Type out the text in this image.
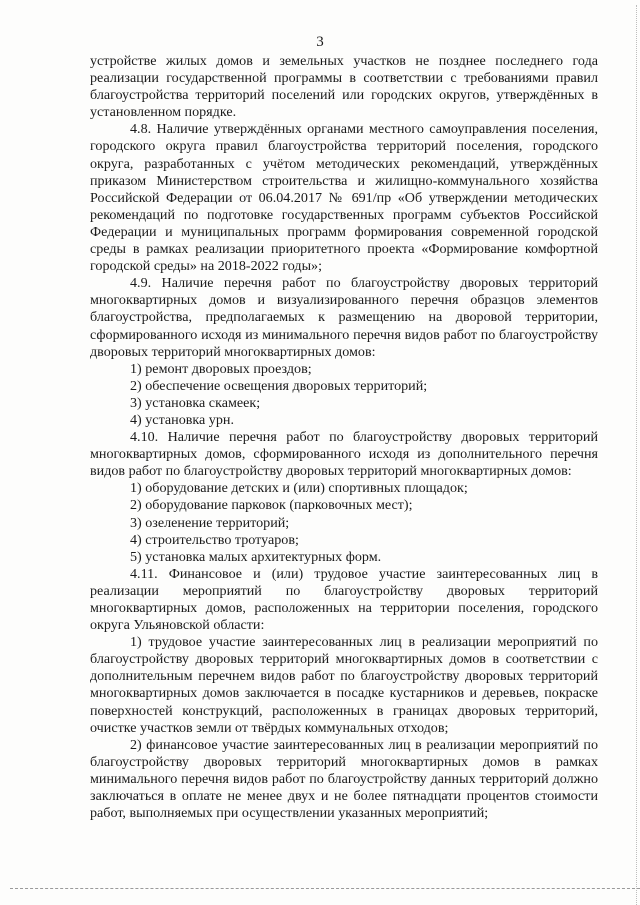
3

устройстве жилых домов и земельных участков не позднее последнего года реализации государственной программы в соответствии с требованиями правил благоустройства территорий поселений или городских округов, утверждённых в установленном порядке.

4.8. Наличие утверждённых органами местного самоуправления поселения, городского округа правил благоустройства территорий поселения, городского округа, разработанных с учётом методических рекомендаций, утверждённых приказом Министерством строительства и жилищно-коммунального хозяйства Российской Федерации от 06.04.2017 № 691/пр «Об утверждении методических рекомендаций по подготовке государственных программ субъектов Российской Федерации и муниципальных программ формирования современной городской среды в рамках реализации приоритетного проекта «Формирование комфортной городской среды» на 2018-2022 годы»;

4.9. Наличие перечня работ по благоустройству дворовых территорий многоквартирных домов и визуализированного перечня образцов элементов благоустройства, предполагаемых к размещению на дворовой территории, сформированного исходя из минимального перечня видов работ по благоустройству дворовых территорий многоквартирных домов:

1) ремонт дворовых проездов;

2) обеспечение освещения дворовых территорий;

3) установка скамеек;

4) установка урн.

4.10. Наличие перечня работ по благоустройству дворовых территорий многоквартирных домов, сформированного исходя из дополнительного перечня видов работ по благоустройству дворовых территорий многоквартирных домов:

1) оборудование детских и (или) спортивных площадок;

2) оборудование парковок (парковочных мест);

3) озеленение территорий;

4) строительство тротуаров;

5) установка малых архитектурных форм.

4.11. Финансовое и (или) трудовое участие заинтересованных лиц в реализации мероприятий по благоустройству дворовых территорий многоквартирных домов, расположенных на территории поселения, городского округа Ульяновской области:

1) трудовое участие заинтересованных лиц в реализации мероприятий по благоустройству дворовых территорий многоквартирных домов в соответствии с дополнительным перечнем видов работ по благоустройству дворовых территорий многоквартирных домов заключается в посадке кустарников и деревьев, покраске поверхностей конструкций, расположенных в границах дворовых территорий, очистке участков земли от твёрдых коммунальных отходов;

2) финансовое участие заинтересованных лиц в реализации мероприятий по благоустройству дворовых территорий многоквартирных домов в рамках минимального перечня видов работ по благоустройству данных территорий должно заключаться в оплате не менее двух и не более пятнадцати процентов стоимости работ, выполняемых при осуществлении указанных мероприятий;
